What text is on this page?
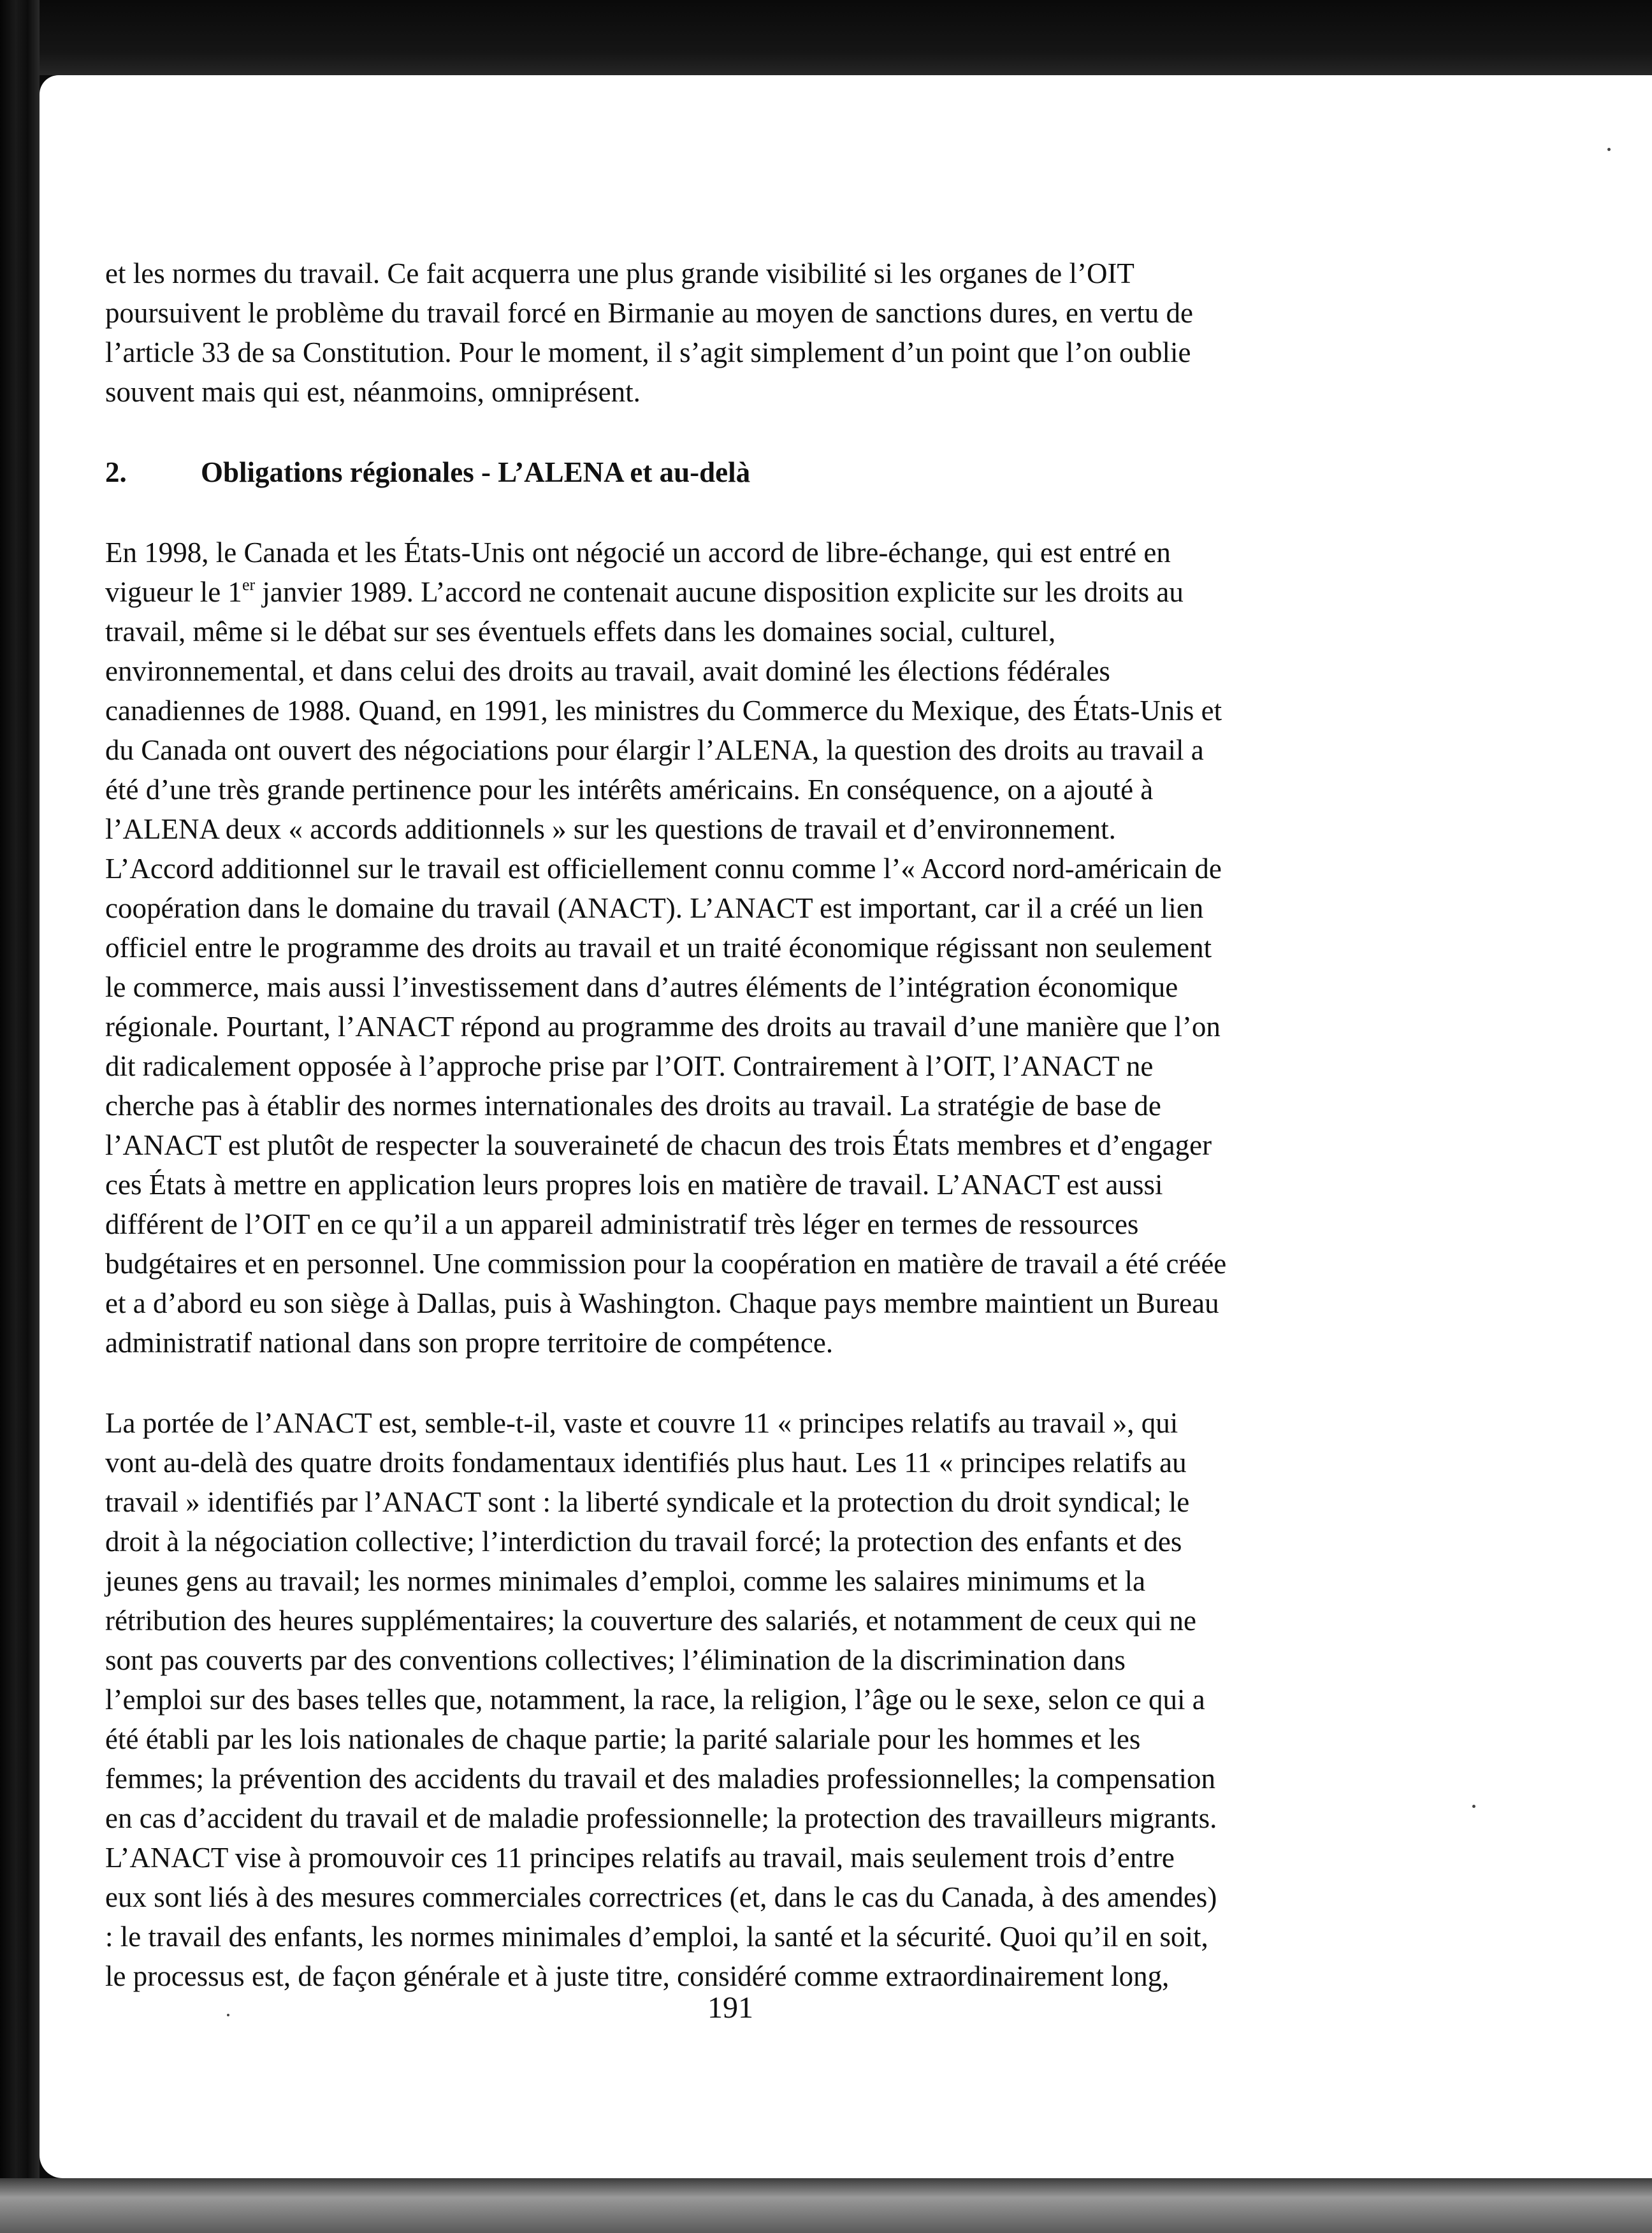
et les normes du travail. Ce fait acquerra une plus grande visibilité si les organes de l’OIT
poursuivent le problème du travail forcé en Birmanie au moyen de sanctions dures, en vertu de
l’article 33 de sa Constitution. Pour le moment, il s’agit simplement d’un point que l’on oublie
souvent mais qui est, néanmoins, omniprésent.
2.	Obligations régionales - L’ALENA et au-delà
En 1998, le Canada et les États-Unis ont négocié un accord de libre-échange, qui est entré en
vigueur le 1er janvier 1989. L’accord ne contenait aucune disposition explicite sur les droits au
travail, même si le débat sur ses éventuels effets dans les domaines social, culturel,
environnemental, et dans celui des droits au travail, avait dominé les élections fédérales
canadiennes de 1988. Quand, en 1991, les ministres du Commerce du Mexique, des États-Unis et
du Canada ont ouvert des négociations pour élargir l’ALENA, la question des droits au travail a
été d’une très grande pertinence pour les intérêts américains. En conséquence, on a ajouté à
l’ALENA deux « accords additionnels » sur les questions de travail et d’environnement.
L’Accord additionnel sur le travail est officiellement connu comme l’« Accord nord-américain de
coopération dans le domaine du travail (ANACT). L’ANACT est important, car il a créé un lien
officiel entre le programme des droits au travail et un traité économique régissant non seulement
le commerce, mais aussi l’investissement dans d’autres éléments de l’intégration économique
régionale. Pourtant, l’ANACT répond au programme des droits au travail d’une manière que l’on
dit radicalement opposée à l’approche prise par l’OIT. Contrairement à l’OIT, l’ANACT ne
cherche pas à établir des normes internationales des droits au travail. La stratégie de base de
l’ANACT est plutôt de respecter la souveraineté de chacun des trois États membres et d’engager
ces États à mettre en application leurs propres lois en matière de travail. L’ANACT est aussi
différent de l’OIT en ce qu’il a un appareil administratif très léger en termes de ressources
budgétaires et en personnel. Une commission pour la coopération en matière de travail a été créée
et a d’abord eu son siège à Dallas, puis à Washington. Chaque pays membre maintient un Bureau
administratif national dans son propre territoire de compétence.
La portée de l’ANACT est, semble-t-il, vaste et couvre 11 « principes relatifs au travail », qui
vont au-delà des quatre droits fondamentaux identifiés plus haut. Les 11 « principes relatifs au
travail » identifiés par l’ANACT sont : la liberté syndicale et la protection du droit syndical; le
droit à la négociation collective; l’interdiction du travail forcé; la protection des enfants et des
jeunes gens au travail; les normes minimales d’emploi, comme les salaires minimums et la
rétribution des heures supplémentaires; la couverture des salariés, et notamment de ceux qui ne
sont pas couverts par des conventions collectives; l’élimination de la discrimination dans
l’emploi sur des bases telles que, notamment, la race, la religion, l’âge ou le sexe, selon ce qui a
été établi par les lois nationales de chaque partie; la parité salariale pour les hommes et les
femmes; la prévention des accidents du travail et des maladies professionnelles; la compensation
en cas d’accident du travail et de maladie professionnelle; la protection des travailleurs migrants.
L’ANACT vise à promouvoir ces 11 principes relatifs au travail, mais seulement trois d’entre
eux sont liés à des mesures commerciales correctrices (et, dans le cas du Canada, à des amendes)
: le travail des enfants, les normes minimales d’emploi, la santé et la sécurité. Quoi qu’il en soit,
le processus est, de façon générale et à juste titre, considéré comme extraordinairement long,
191
